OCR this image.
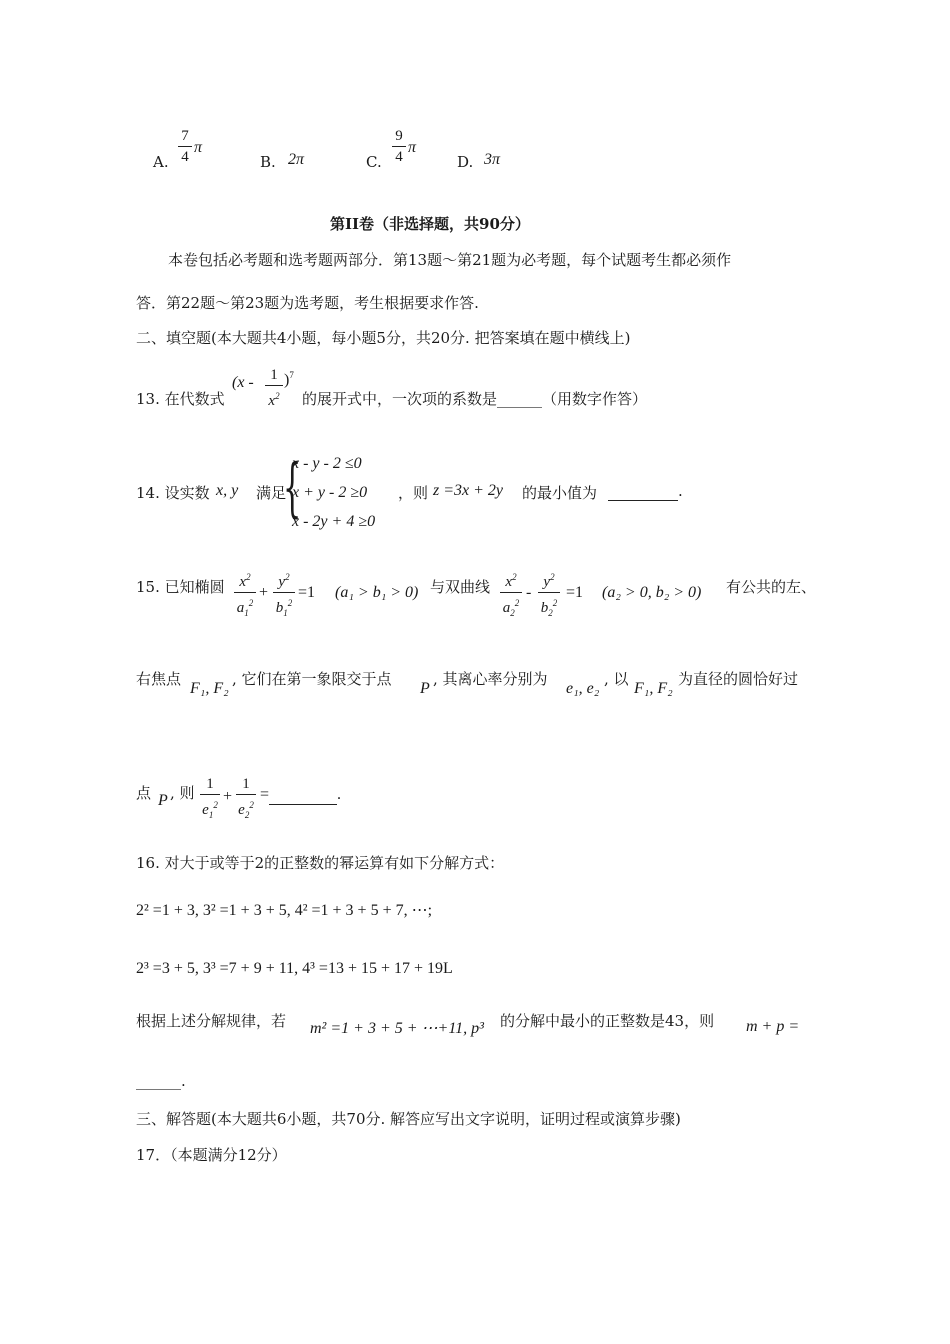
A.
7
4
π
B. 2π	C.
9
4
π
D. 3π
第II卷（非选择题，共90分）
本卷包括必考题和选考题两部分．第13题～第21题为必考题，每个试题考生都必须作
答．第22题～第23题为选考题，考生根据要求作答.
二、填空题(本大题共4小题，每小题5分，共20分. 把答案填在题中横线上)
13. 在代数式
(x -	1
$x^2$
)$^7$
的展开式中，一次项的系数是______（用数字作答）
14. 设实数 x, y 满足
{
x - y - 2 ≤0
x + y - 2 ≥0
x - 2y + 4 ≥0
，则 z =3x + 2y 的最小值为	.
15. 已知椭圆 $x^2$
$a_1^2$
+
$y^2$
$b_1^2$
=1 (a₁ > b₁ > 0) 与双曲线	$x^2$
$a_2^2$
-
$y^2$
$b_2^2$
=1 (a₂ > 0, b₂ > 0) 有公共的左、
右焦点
F₁, F₂
, 它们在第一象限交于点
P
, 其离心率分别为
e₁, e₂
, 以
F₁, F₂
为直径的圆恰好过
点 P , 则 1
$e_1^2$ +
1
$e_2^2$
=	.
16. 对大于或等于2的正整数的幂运算有如下分解方式：
2² =1 + 3, 3² =1 + 3 + 5, 4² =1 + 3 + 5 + 7, ⋯;
2³ =3 + 5, 3³ =7 + 9 + 11, 4³ =13 + 15 + 17 + 19L
根据上述分解规律，若 m² =1 + 3 + 5 + ⋯+11, p³ 的分解中最小的正整数是43，则 m + p =
______.
三、解答题(本大题共6小题，共70分. 解答应写出文字说明，证明过程或演算步骤)
17．（本题满分12分）
